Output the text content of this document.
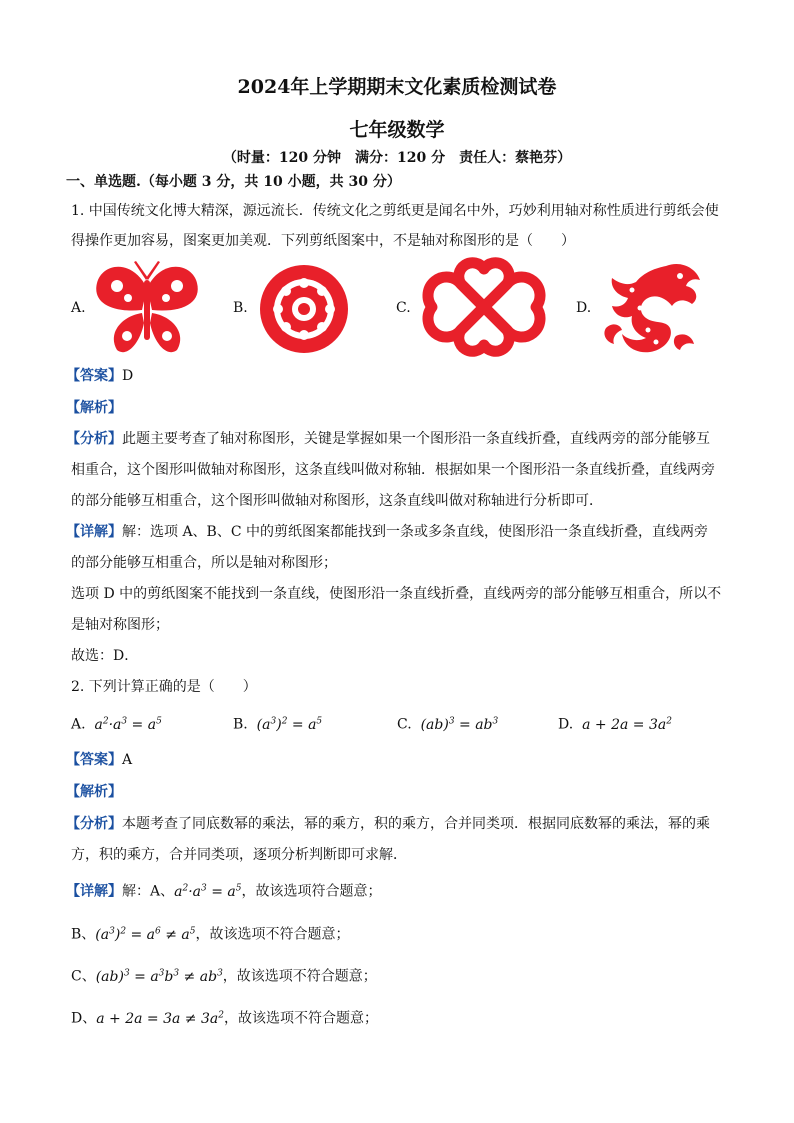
2024年上学期期末文化素质检测试卷
七年级数学
（时量：120 分钟　满分：120 分　责任人：蔡艳芬）
一、单选题.（每小题 3 分，共 10 小题，共 30 分）
1. 中国传统文化博大精深，源远流长．传统文化之剪纸更是闻名中外，巧妙利用轴对称性质进行剪纸会使
得操作更加容易，图案更加美观．下列剪纸图案中，不是轴对称图形的是（　　）
A.	B.	C.	D.
【答案】D
【解析】
【分析】此题主要考查了轴对称图形，关键是掌握如果一个图形沿一条直线折叠，直线两旁的部分能够互
相重合，这个图形叫做轴对称图形，这条直线叫做对称轴．根据如果一个图形沿一条直线折叠，直线两旁
的部分能够互相重合，这个图形叫做轴对称图形，这条直线叫做对称轴进行分析即可．
【详解】解：选项 A、B、C 中的剪纸图案都能找到一条或多条直线，使图形沿一条直线折叠，直线两旁
的部分能够互相重合，所以是轴对称图形；
选项 D 中的剪纸图案不能找到一条直线，使图形沿一条直线折叠，直线两旁的部分能够互相重合，所以不
是轴对称图形；
故选：D．
2. 下列计算正确的是（　　）
A. $a^2\cdot a^3 = a^5$	B. $(a^3)^2 = a^5$	C. $(ab)^3 = ab^3$	D. $a + 2a = 3a^2$
【答案】A
【解析】
【分析】本题考查了同底数幂的乘法，幂的乘方，积的乘方，合并同类项．根据同底数幂的乘法，幂的乘
方，积的乘方，合并同类项，逐项分析判断即可求解．
【详解】解：A、$a^2\cdot a^3 = a^5$，故该选项符合题意；
B、$(a^3)^2 = a^6 \ne a^5$，故该选项不符合题意；
C、$(ab)^3 = a^3b^3 \ne ab^3$，故该选项不符合题意；
D、$a + 2a = 3a \ne 3a^2$，故该选项不符合题意；
